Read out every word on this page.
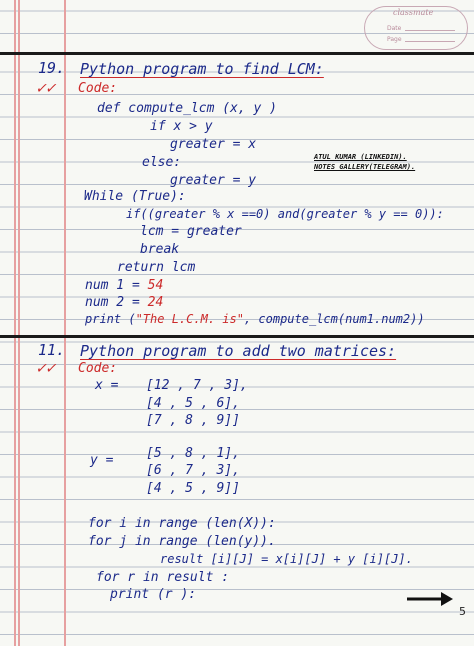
classmate
Date
Page
19.
✓✓
Python program to find LCM:
Code:
def compute_lcm (x, y )
if x > y
greater = x
else:
greater = y
While (True):
if((greater % x ==0) and(greater % y == 0)):
lcm = greater
break
return lcm
num 1 = 54
num 2 = 24
print ("The L.C.M. is", compute_lcm(num1.num2))
ATUL KUMAR (LINKEDIN).
NOTES GALLERY(TELEGRAM).
11.
✓✓
Python program to add two matrices:
Code:
x = [12 , 7 , 3],
[4 , 5 , 6],
[7 , 8 , 9]]
y =	[5 , 8 , 1],
[6 , 7 , 3],
[4 , 5 , 9]]
for i in range (len(X)):
for j in range (len(y)).
result [i][J] = x[i][J] + y [i][J].
for r in result :
print (r ):
5
